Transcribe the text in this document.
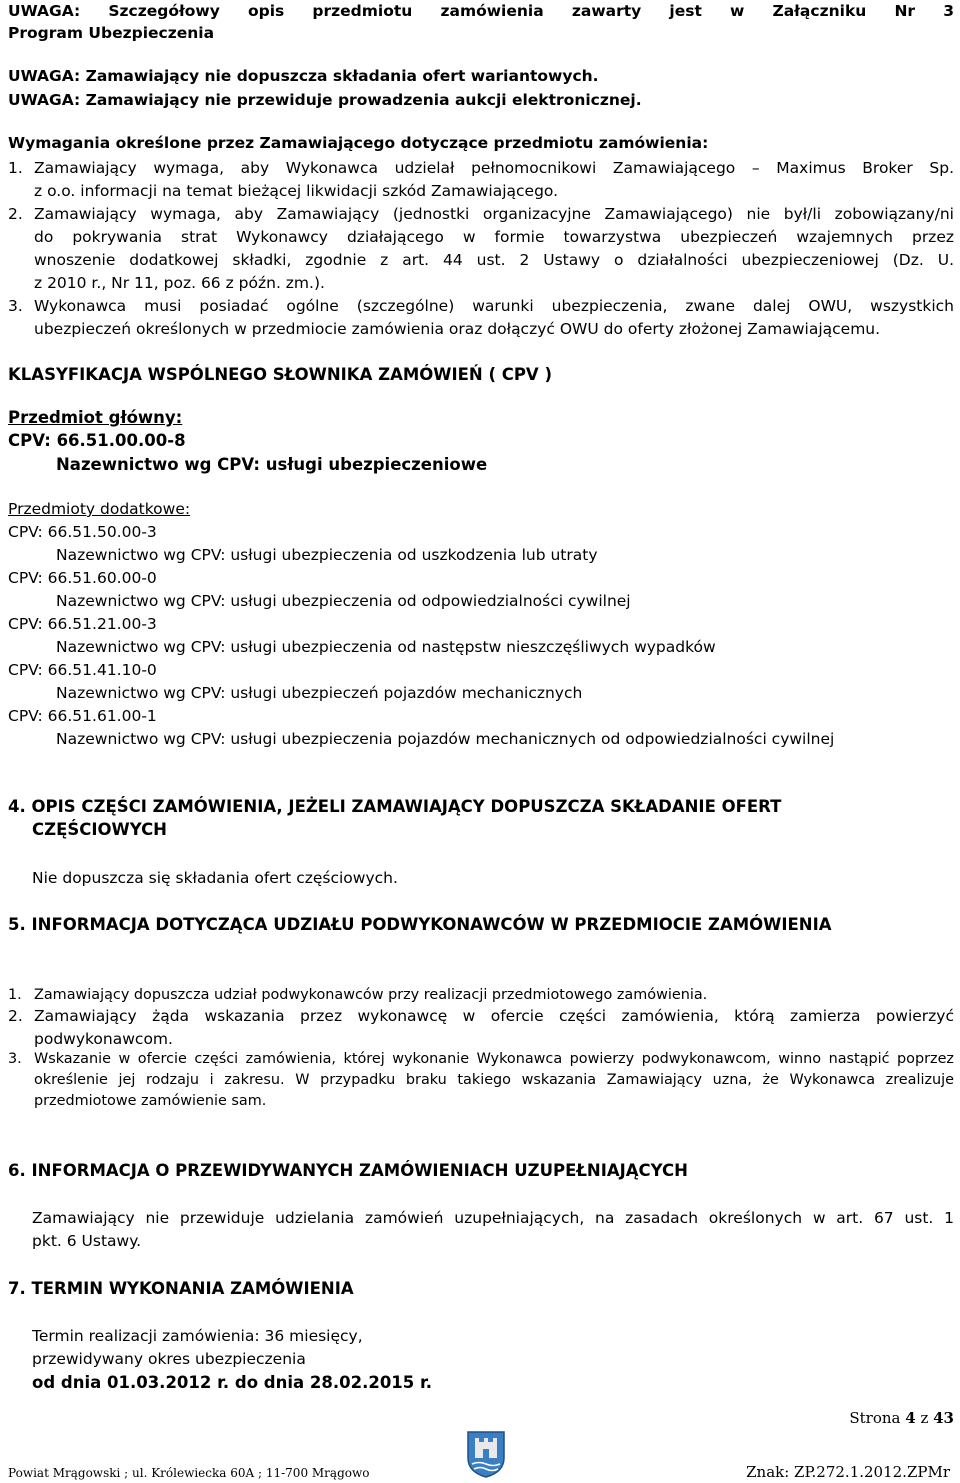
UWAGA: Szczegółowy opis przedmiotu zamówienia zawarty jest w Załączniku Nr 3
Program Ubezpieczenia
UWAGA: Zamawiający nie dopuszcza składania ofert wariantowych.
UWAGA: Zamawiający nie przewiduje prowadzenia aukcji elektronicznej.
Wymagania określone przez Zamawiającego dotyczące przedmiotu zamówienia:
1. Zamawiający wymaga, aby Wykonawca udzielał pełnomocnikowi Zamawiającego – Maximus Broker Sp.
z o.o. informacji na temat bieżącej likwidacji szkód Zamawiającego.
2. Zamawiający wymaga, aby Zamawiający (jednostki organizacyjne Zamawiającego) nie był/li zobowiązany/ni
do pokrywania strat Wykonawcy działającego w formie towarzystwa ubezpieczeń wzajemnych przez
wnoszenie dodatkowej składki, zgodnie z art. 44 ust. 2 Ustawy o działalności ubezpieczeniowej (Dz. U.
z 2010 r., Nr 11, poz. 66 z późn. zm.).
3. Wykonawca musi posiadać ogólne (szczególne) warunki ubezpieczenia, zwane dalej OWU, wszystkich
ubezpieczeń określonych w przedmiocie zamówienia oraz dołączyć OWU do oferty złożonej Zamawiającemu.
KLASYFIKACJA WSPÓLNEGO SŁOWNIKA ZAMÓWIEŃ ( CPV )
Przedmiot główny:
CPV: 66.51.00.00-8
Nazewnictwo wg CPV: usługi ubezpieczeniowe
Przedmioty dodatkowe:
CPV: 66.51.50.00-3
Nazewnictwo wg CPV: usługi ubezpieczenia od uszkodzenia lub utraty
CPV: 66.51.60.00-0
Nazewnictwo wg CPV: usługi ubezpieczenia od odpowiedzialności cywilnej
CPV: 66.51.21.00-3
Nazewnictwo wg CPV: usługi ubezpieczenia od następstw nieszczęśliwych wypadków
CPV: 66.51.41.10-0
Nazewnictwo wg CPV: usługi ubezpieczeń pojazdów mechanicznych
CPV: 66.51.61.00-1
Nazewnictwo wg CPV: usługi ubezpieczenia pojazdów mechanicznych od odpowiedzialności cywilnej
4. OPIS CZĘŚCI ZAMÓWIENIA, JEŻELI ZAMAWIAJĄCY DOPUSZCZA SKŁADANIE OFERT
CZĘŚCIOWYCH
Nie dopuszcza się składania ofert częściowych.
5. INFORMACJA DOTYCZĄCA UDZIAŁU PODWYKONAWCÓW W PRZEDMIOCIE ZAMÓWIENIA
1. Zamawiający dopuszcza udział podwykonawców przy realizacji przedmiotowego zamówienia.
2. Zamawiający żąda wskazania przez wykonawcę w ofercie części zamówienia, którą zamierza powierzyć
podwykonawcom.
3. Wskazanie w ofercie części zamówienia, której wykonanie Wykonawca powierzy podwykonawcom, winno nastąpić poprzez
określenie jej rodzaju i zakresu. W przypadku braku takiego wskazania Zamawiający uzna, że Wykonawca zrealizuje
przedmiotowe zamówienie sam.
6. INFORMACJA O PRZEWIDYWANYCH ZAMÓWIENIACH UZUPEŁNIAJĄCYCH
Zamawiający nie przewiduje udzielania zamówień uzupełniających, na zasadach określonych w art. 67 ust. 1
pkt. 6 Ustawy.
7. TERMIN WYKONANIA ZAMÓWIENIA
Termin realizacji zamówienia: 36 miesięcy,
przewidywany okres ubezpieczenia
od dnia 01.03.2012 r. do dnia 28.02.2015 r.
Strona 4 z 43
Powiat Mrągowski ; ul. Królewiecka 60A ; 11-700 Mrągowo	Znak: ZP.272.1.2012.ZPMr
